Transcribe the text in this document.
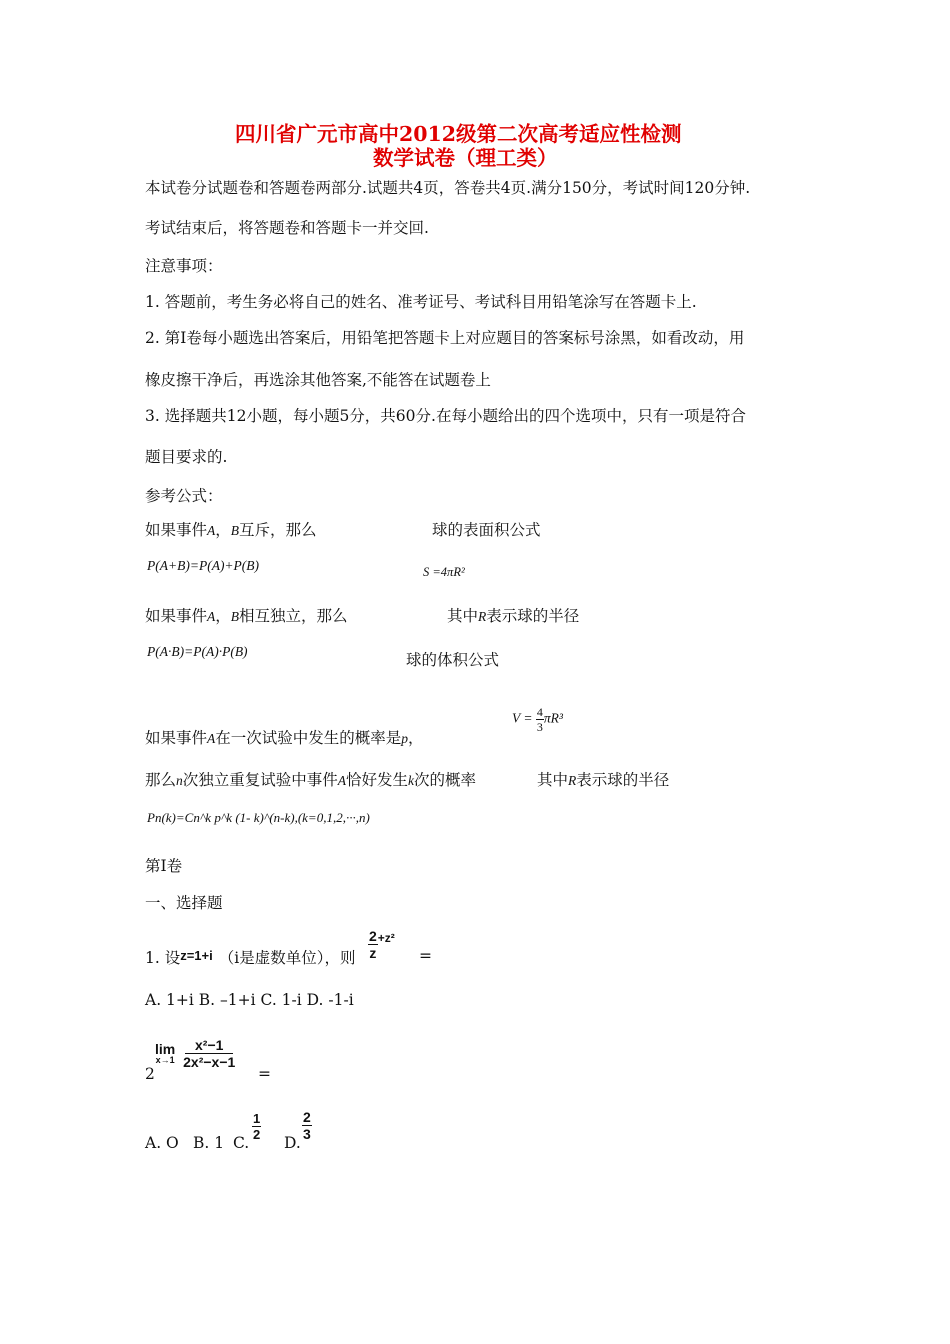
四川省广元市高中2012级第二次高考适应性检测
数学试卷（理工类）
本试卷分试题卷和答题卷两部分.试题共4页，答卷共4页.满分150分，考试时间120分钟.
考试结束后，将答题卷和答题卡一并交回.
注意事项：
1. 答题前，考生务必将自己的姓名、准考证号、考试科目用铅笔涂写在答题卡上.
2. 第I卷每小题选出答案后，用铅笔把答题卡上对应题目的答案标号涂黑，如看改动，用
橡皮擦干净后，再选涂其他答案,不能答在试题卷上
3. 选择题共12小题，每小题5分，共60分.在每小题给出的四个选项中，只有一项是符合
题目要求的.
参考公式：
如果事件A，B互斥，那么	球的表面积公式
P(A+B)=P(A)+P(B)	S =4πR²
如果事件A，B相互独立，那么	其中R表示球的半径
P(A·B)=P(A)·P(B)	球的体积公式
$V = \frac{4}{3} \pi R^3$
如果事件A在一次试验中发生的概率是p，
那么n次独立重复试验中事件A恰好发生k次的概率	其中R表示球的半径
Pn(k)=Cn^k p^k (1- k)^(n-k),(k=0,1,2,···,n)
第I卷
一、选择题
1. 设z=1+i （i是虚数单位），则 $\frac{2}{z} +z^2$
=
A. 1+i B. –1+i C. 1-i D. -1-i
2
lim
x→1
$\frac{\text{x²−1}}{\text{2x²−x−1}}$
=
A. O B. 1 C.
$\frac{1}{2}$
D.
$\frac{2}{3}$
